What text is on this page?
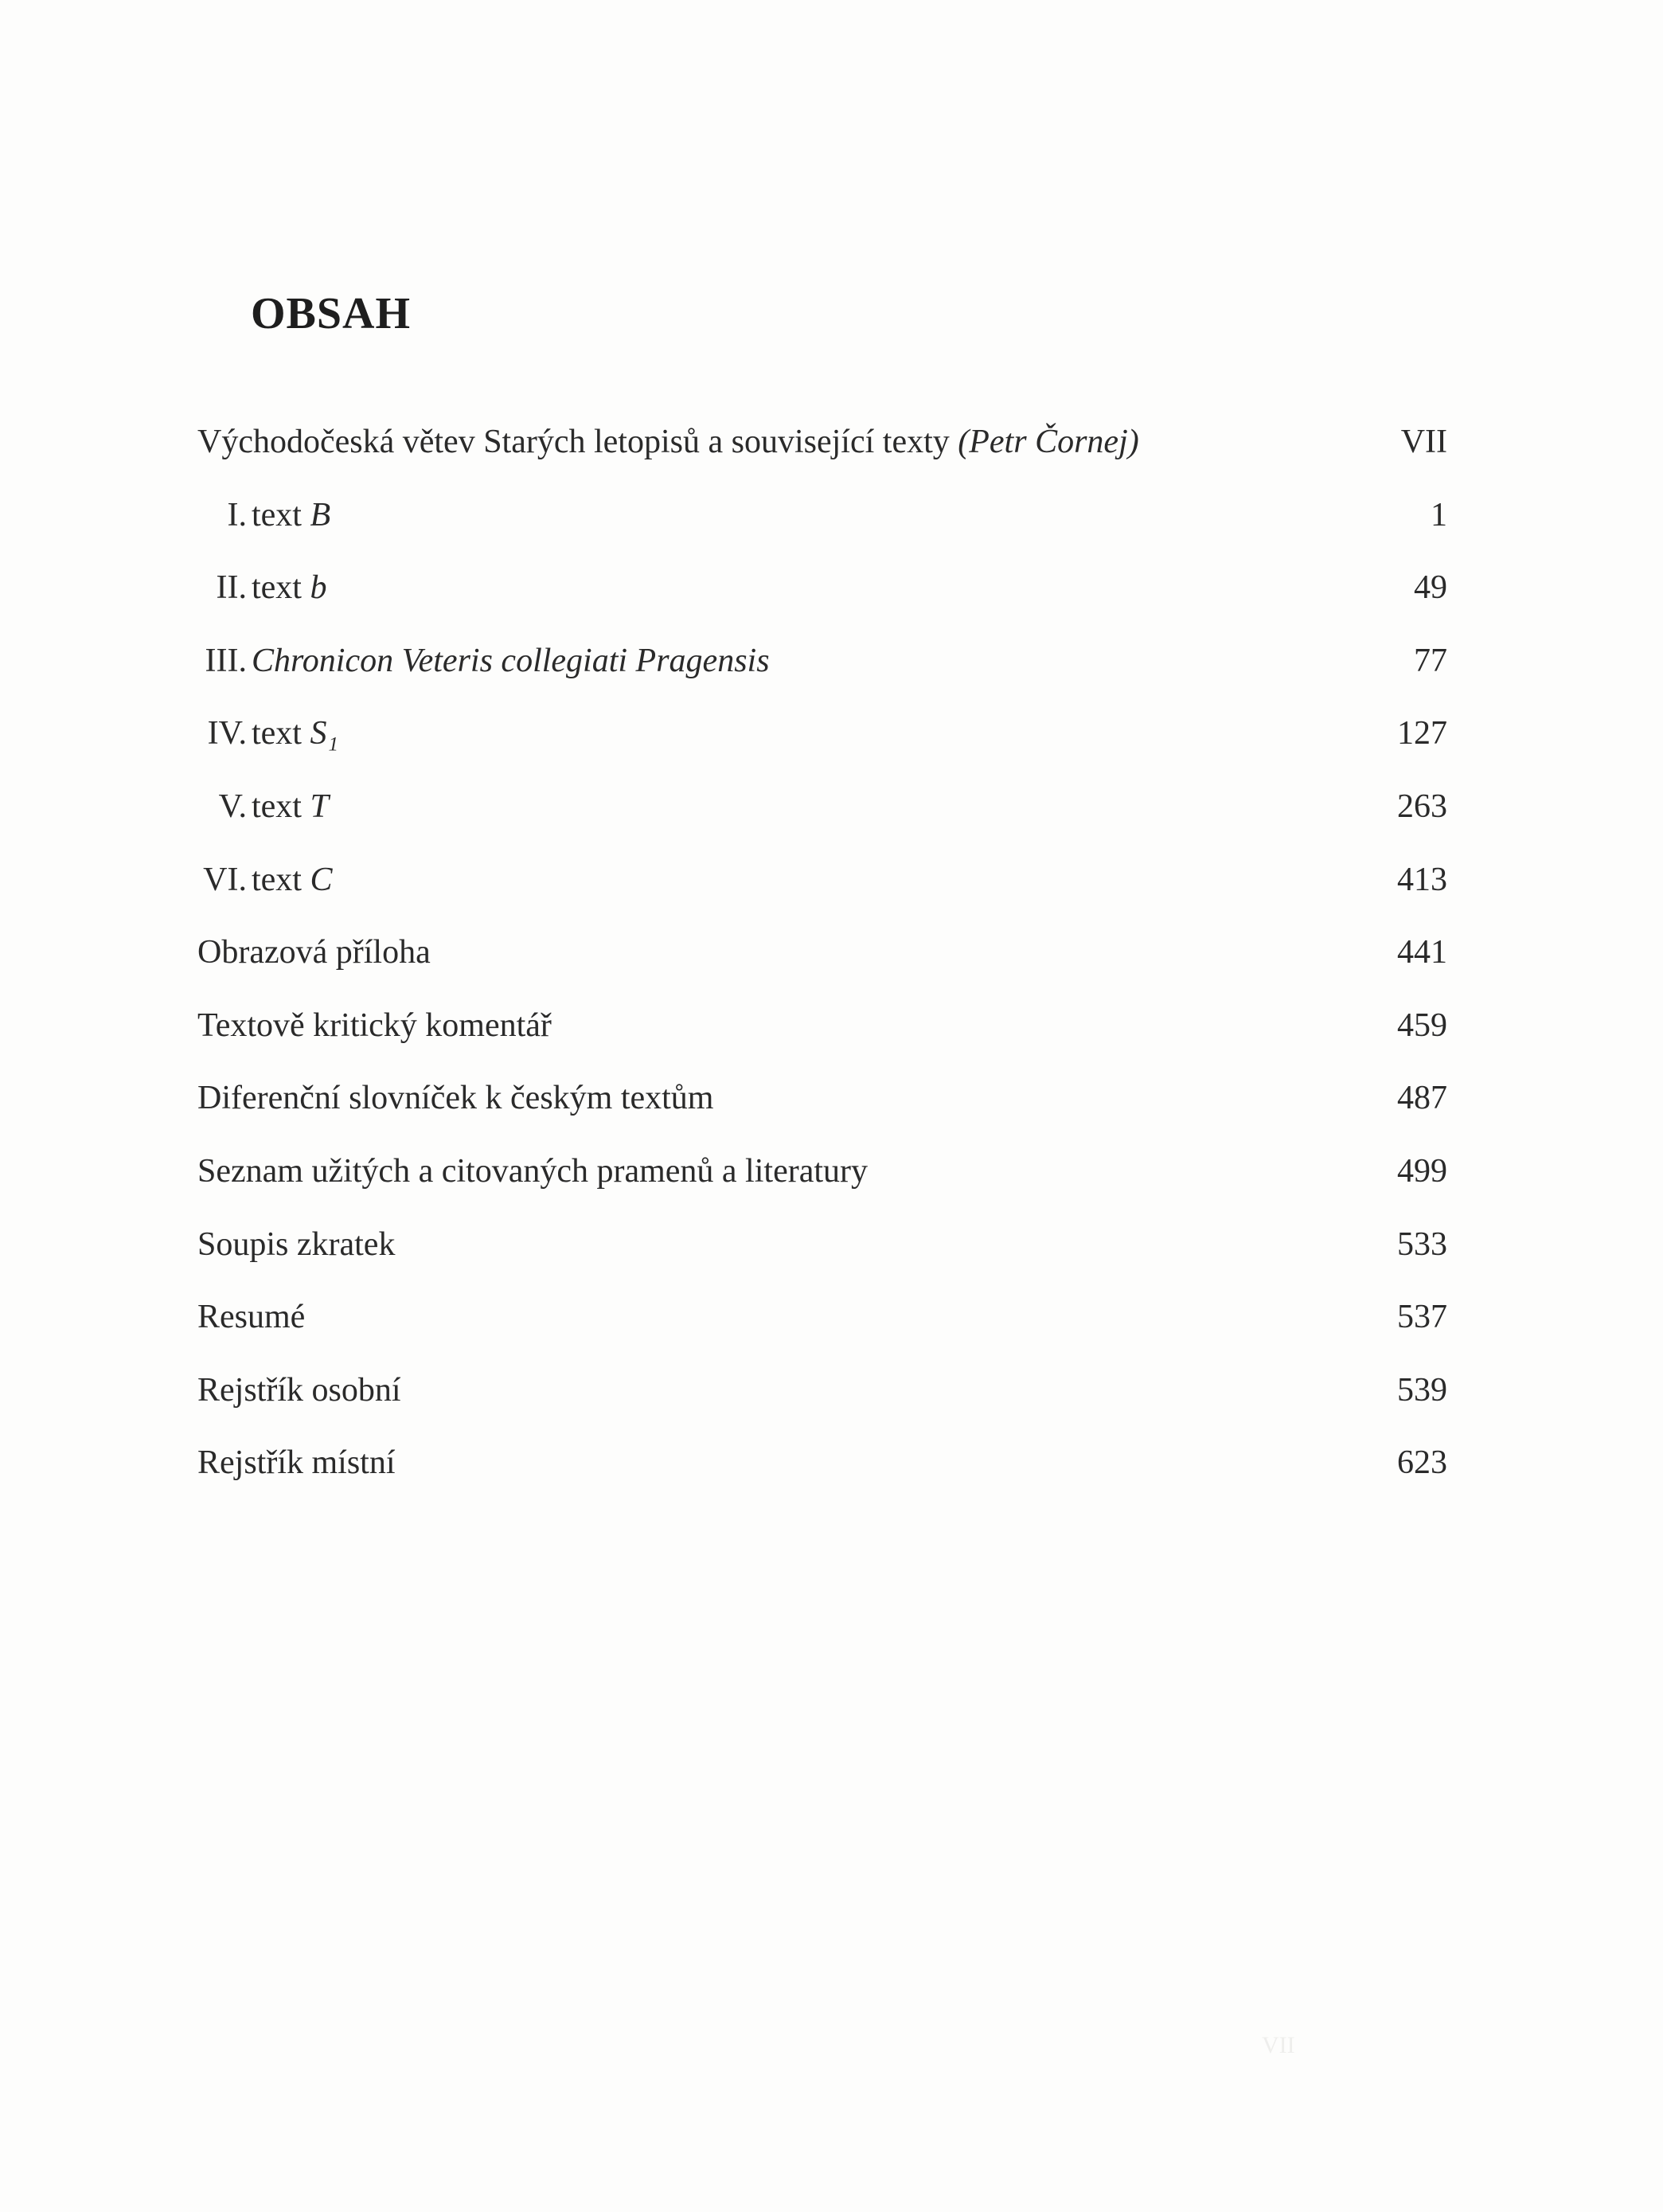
OBSAH
Východočeská větev Starých letopisů a související texty (Petr Čornej)	VII
I. text B	1
II. text b	49
III. Chronicon Veteris collegiati Pragensis	77
IV. text S₁	127
V. text T	263
VI. text C	413
Obrazová příloha	441
Textově kritický komentář	459
Diferenční slovníček k českým textům	487
Seznam užitých a citovaných pramenů a literatury	499
Soupis zkratek	533
Resumé	537
Rejstřík osobní	539
Rejstřík místní	623
VII
